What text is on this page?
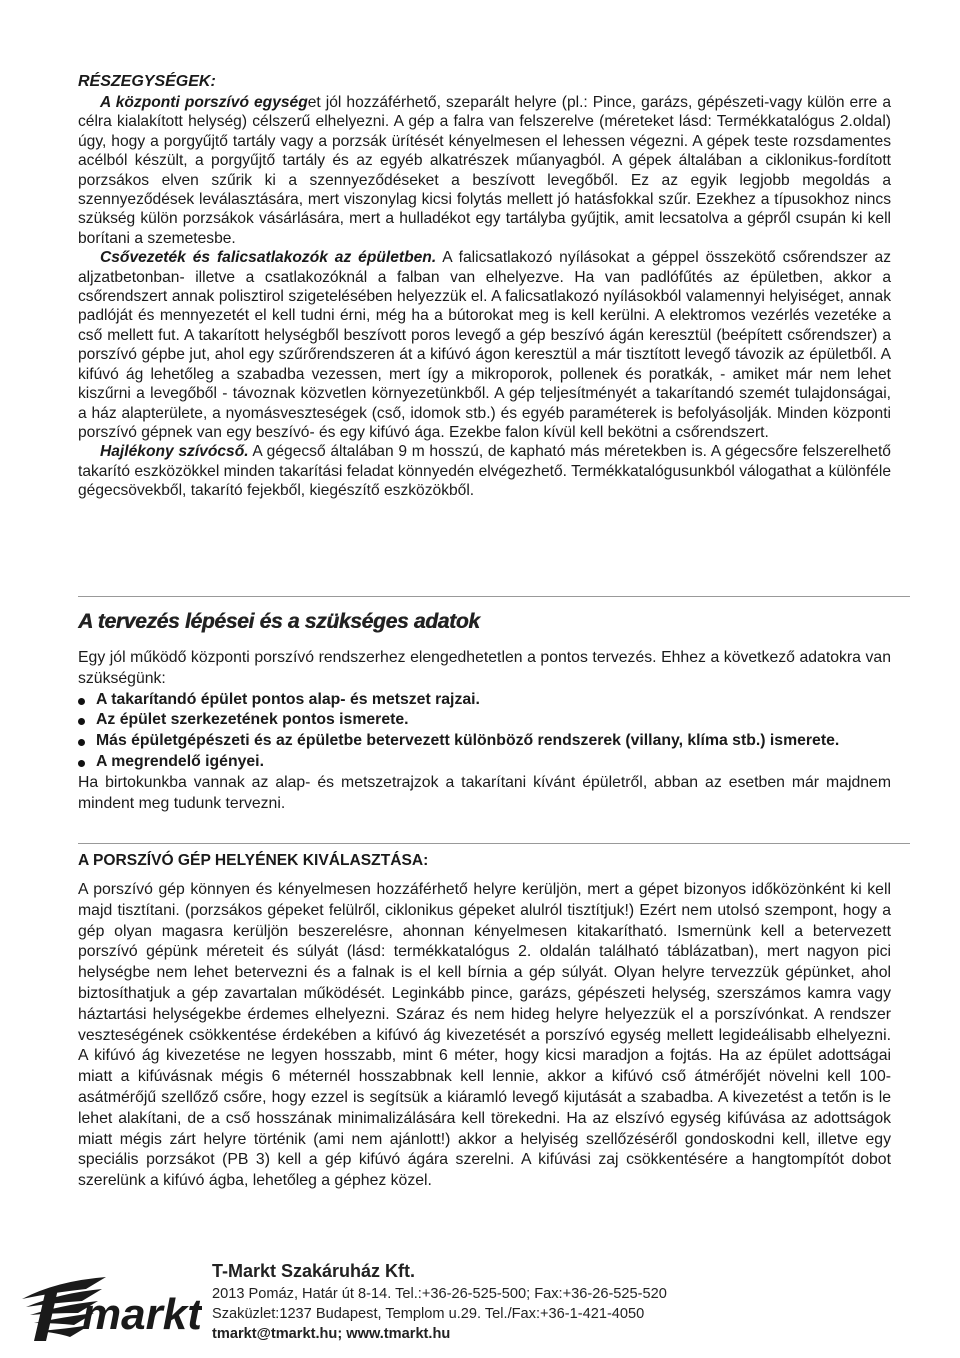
RÉSZEGYSÉGEK:

A központi porszívó egységet jól hozzáférhető, szeparált helyre (pl.: Pince, garázs, gépészeti-vagy külön erre a célra kialakított helység) célszerű elhelyezni. A gép a falra van felszerelve (méreteket lásd: Termékkatalógus 2.oldal) úgy, hogy a porgyűjtő tartály vagy a porzsák ürítését kényelmesen el lehessen végezni. A gépek teste rozsdamentes acélból készült, a porgyűjtő tartály és az egyéb alkatrészek műanyagból. A gépek általában a ciklonikus-fordított porzsákos elven szűrik ki a szennyeződéseket a beszívott levegőből. Ez az egyik legjobb megoldás a szennyeződések leválasztására, mert viszonylag kicsi folytás mellett jó hatásfokkal szűr. Ezekhez a típusokhoz nincs szükség külön porzsákok vásárlására, mert a hulladékot egy tartályba gyűjtik, amit lecsatolva a gépről csupán ki kell borítani a szemetesbe.

Csővezeték és falicsatlakozók az épületben. A falicsatlakozó nyílásokat a géppel összekötő csőrendszer az aljzatbetonban- illetve a csatlakozóknál a falban van elhelyezve. Ha van padlófűtés az épületben, akkor a csőrendszert annak polisztirol szigetelésében helyezzük el. A falicsatlakozó nyílásokból valamennyi helyiséget, annak padlóját és mennyezetét el kell tudni érni, még ha a bútorokat meg is kell kerülni. A elektromos vezérlés vezetéke a cső mellett fut. A takarított helységből beszívott poros levegő a gép beszívó ágán keresztül (beépített csőrendszer) a porszívó gépbe jut, ahol egy szűrőrendszeren át a kifúvó ágon keresztül a már tisztított levegő távozik az épületből. A kifúvó ág lehetőleg a szabadba vezessen, mert így a mikroporok, pollenek és poratkák, - amiket már nem lehet kiszűrni a levegőből - távoznak közvetlen környezetünkből. A gép teljesítményét a takarítandó szemét tulajdonságai, a ház alapterülete, a nyomásveszteségek (cső, idomok stb.) és egyéb paraméterek is befolyásolják. Minden központi porszívó gépnek van egy beszívó- és egy kifúvó ága. Ezekbe falon kívül kell bekötni a csőrendszert.

Hajlékony szívócső. A gégecső általában 9 m hosszú, de kapható más méretekben is. A gégecsőre felszerelhető takarító eszközökkel minden takarítási feladat könnyedén elvégezhető. Termékkatalógusunkból válogathat a különféle gégecsövekből, takarító fejekből, kiegészítő eszközökből.

A tervezés lépései és a szükséges adatok

Egy jól működő központi porszívó rendszerhez elengedhetetlen a pontos tervezés. Ehhez a következő adatokra van szükségünk:

A takarítandó épület pontos alap- és metszet rajzai.
Az épület szerkezetének pontos ismerete.
Más épületgépészeti és az épületbe betervezett különböző rendszerek (villany, klíma stb.) ismerete.
A megrendelő igényei.

Ha birtokunkba vannak az alap- és metszetrajzok a takarítani kívánt épületről, abban az esetben már majdnem mindent meg tudunk tervezni.

A PORSZÍVÓ GÉP HELYÉNEK KIVÁLASZTÁSA:

A porszívó gép könnyen és kényelmesen hozzáférhető helyre kerüljön, mert a gépet bizonyos időközönként ki kell majd tisztítani. (porzsákos gépeket felülről, ciklonikus gépeket alulról tisztítjuk!) Ezért nem utolsó szempont, hogy a gép olyan magasra kerüljön beszerelésre, ahonnan kényelmesen kitakarítható. Ismernünk kell a betervezett porszívó gépünk méreteit és súlyát (lásd: termékkatalógus 2. oldalán található táblázatban), mert nagyon pici helységbe nem lehet betervezni és a falnak is el kell bírnia a gép súlyát. Olyan helyre tervezzük gépünket, ahol biztosíthatjuk a gép zavartalan működését. Leginkább pince, garázs, gépészeti helység, szerszámos kamra vagy háztartási helységekbe érdemes elhelyezni. Száraz és nem hideg helyre helyezzük el a porszívónkat. A rendszer veszteségének csökkentése érdekében a kifúvó ág kivezetését a porszívó egység mellett legideálisabb elhelyezni. A kifúvó ág kivezetése ne legyen hosszabb, mint 6 méter, hogy kicsi maradjon a fojtás. Ha az épület adottságai miatt a kifúvásnak mégis 6 méternél hosszabbnak kell lennie, akkor a kifúvó cső átmérőjét növelni kell 100-asátmérőjű szellőző csőre, hogy ezzel is segítsük a kiáramló levegő kijutását a szabadba. A kivezetést a tetőn is le lehet alakítani, de a cső hosszának minimalizálására kell törekedni. Ha az elszívó egység kifúvása az adottságok miatt mégis zárt helyre történik (ami nem ajánlott!) akkor a helyiség szellőzéséről gondoskodni kell, illetve egy speciális porzsákot (PB 3) kell a gép kifúvó ágára szerelni. A kifúvási zaj csökkentésére a hangtompítót dobot szerelünk a kifúvó ágba, lehetőleg a géphez közel.

markt
T-Markt Szakáruház Kft.
2013 Pomáz, Határ út 8-14. Tel.:+36-26-525-500; Fax:+36-26-525-520
Szaküzlet:1237 Budapest, Templom u.29. Tel./Fax:+36-1-421-4050
tmarkt@tmarkt.hu; www.tmarkt.hu
